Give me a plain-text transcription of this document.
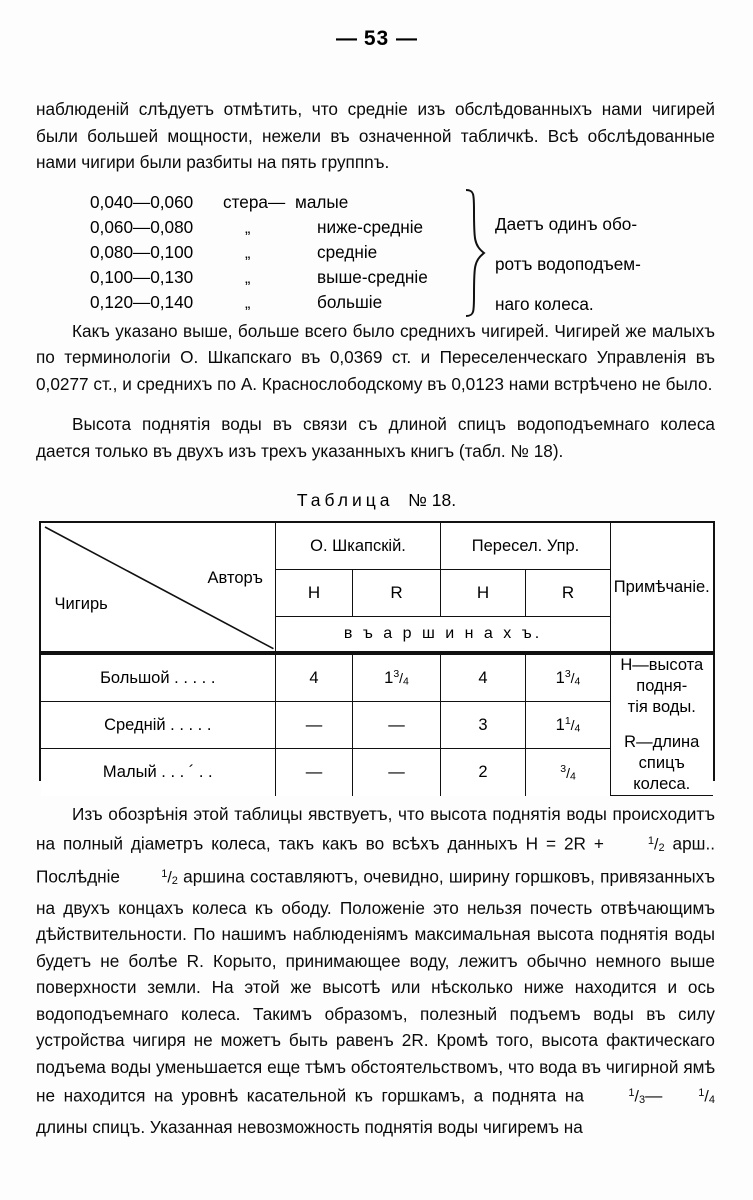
— 53 —

наблюденій слѣдуетъ отмѣтить, что среднiе изъ обслѣдованныхъ нами чигирей были большей мощности, нежели въ означенной табличкѣ. Всѣ обслѣдованные нами чигири были разбиты на пять группnъ.

0,040—0,060	стера— малые
0,060—0,080	„	ниже-среднiе
0,080—0,100	„	среднiе
0,100—0,130	„	выше-среднiе
0,120—0,140	„	большiе
Даетъ одинъ обо-
ротъ водоподъем-
наго колеса.

Какъ указано выше, больше всего было среднихъ чигирей. Чигирей же малыхъ по терминологiи О. Шкапскаго въ 0,0369 ст. и Переселенческаго Управленiя въ 0,0277 ст., и среднихъ по А. Краснослободскому въ 0,0123 нами встрѣчено не было.

Высота поднятiя воды въ связи съ длиной спицъ водоподъемнаго колеса дается только въ двухъ изъ трехъ указанныхъ книгъ (табл. № 18).

Таблица № 18.
Авторъ
Чигирь	О. Шкапскій.		Пересел. Упр.		Примѣчанiе.
	H	R	H	R	
	в ъ а р ш и н а х ъ.				

Большой . . . . .	4	$1^3/_4$	4	$1^3/_4$	H—высота подня-
тія воды.
R—длина спицъ
колеса.

Среднiй . . . . .	—	—	3	$1^1/_4$
Малый . . . ´ . .	—	—	2	$^3/_4$

Изъ обозрѣнія этой таблицы явствуетъ, что высота поднятія воды происходитъ на полный дiаметръ колеса, такъ какъ во всѣхъ данныхъ H = 2R +	$^1/_2$ арш.. Послѣдніе	$^1/_2$ аршина составляютъ, очевидно, ширину горшковъ, привязанныхъ на двухъ концахъ колеса къ ободу. Положеніе это нельзя почесть отвѣчающимъ дѣйствительности. По нашимъ наблюденіямъ максимальная высота поднятія воды будетъ не болѣе R. Корыто, принимающее воду, лежитъ обычно немного выше поверхности земли. На этой же высотѣ или нѣсколько ниже находится и ось водоподъемнаго колеса. Такимъ образомъ, полезный подъемъ воды въ силу устройства чигиря не можетъ быть равенъ 2R. Кромѣ того, высота фактическаго подъема воды уменьшается еще тѣмъ обстоятельствомъ, что вода въ чигирной ямѣ не находится на уровнѣ касательной къ горшкамъ, а поднята на	$^1/_3—$	$^1/_4$ длины спицъ. Указанная невозможность поднятія воды чигиремъ на
